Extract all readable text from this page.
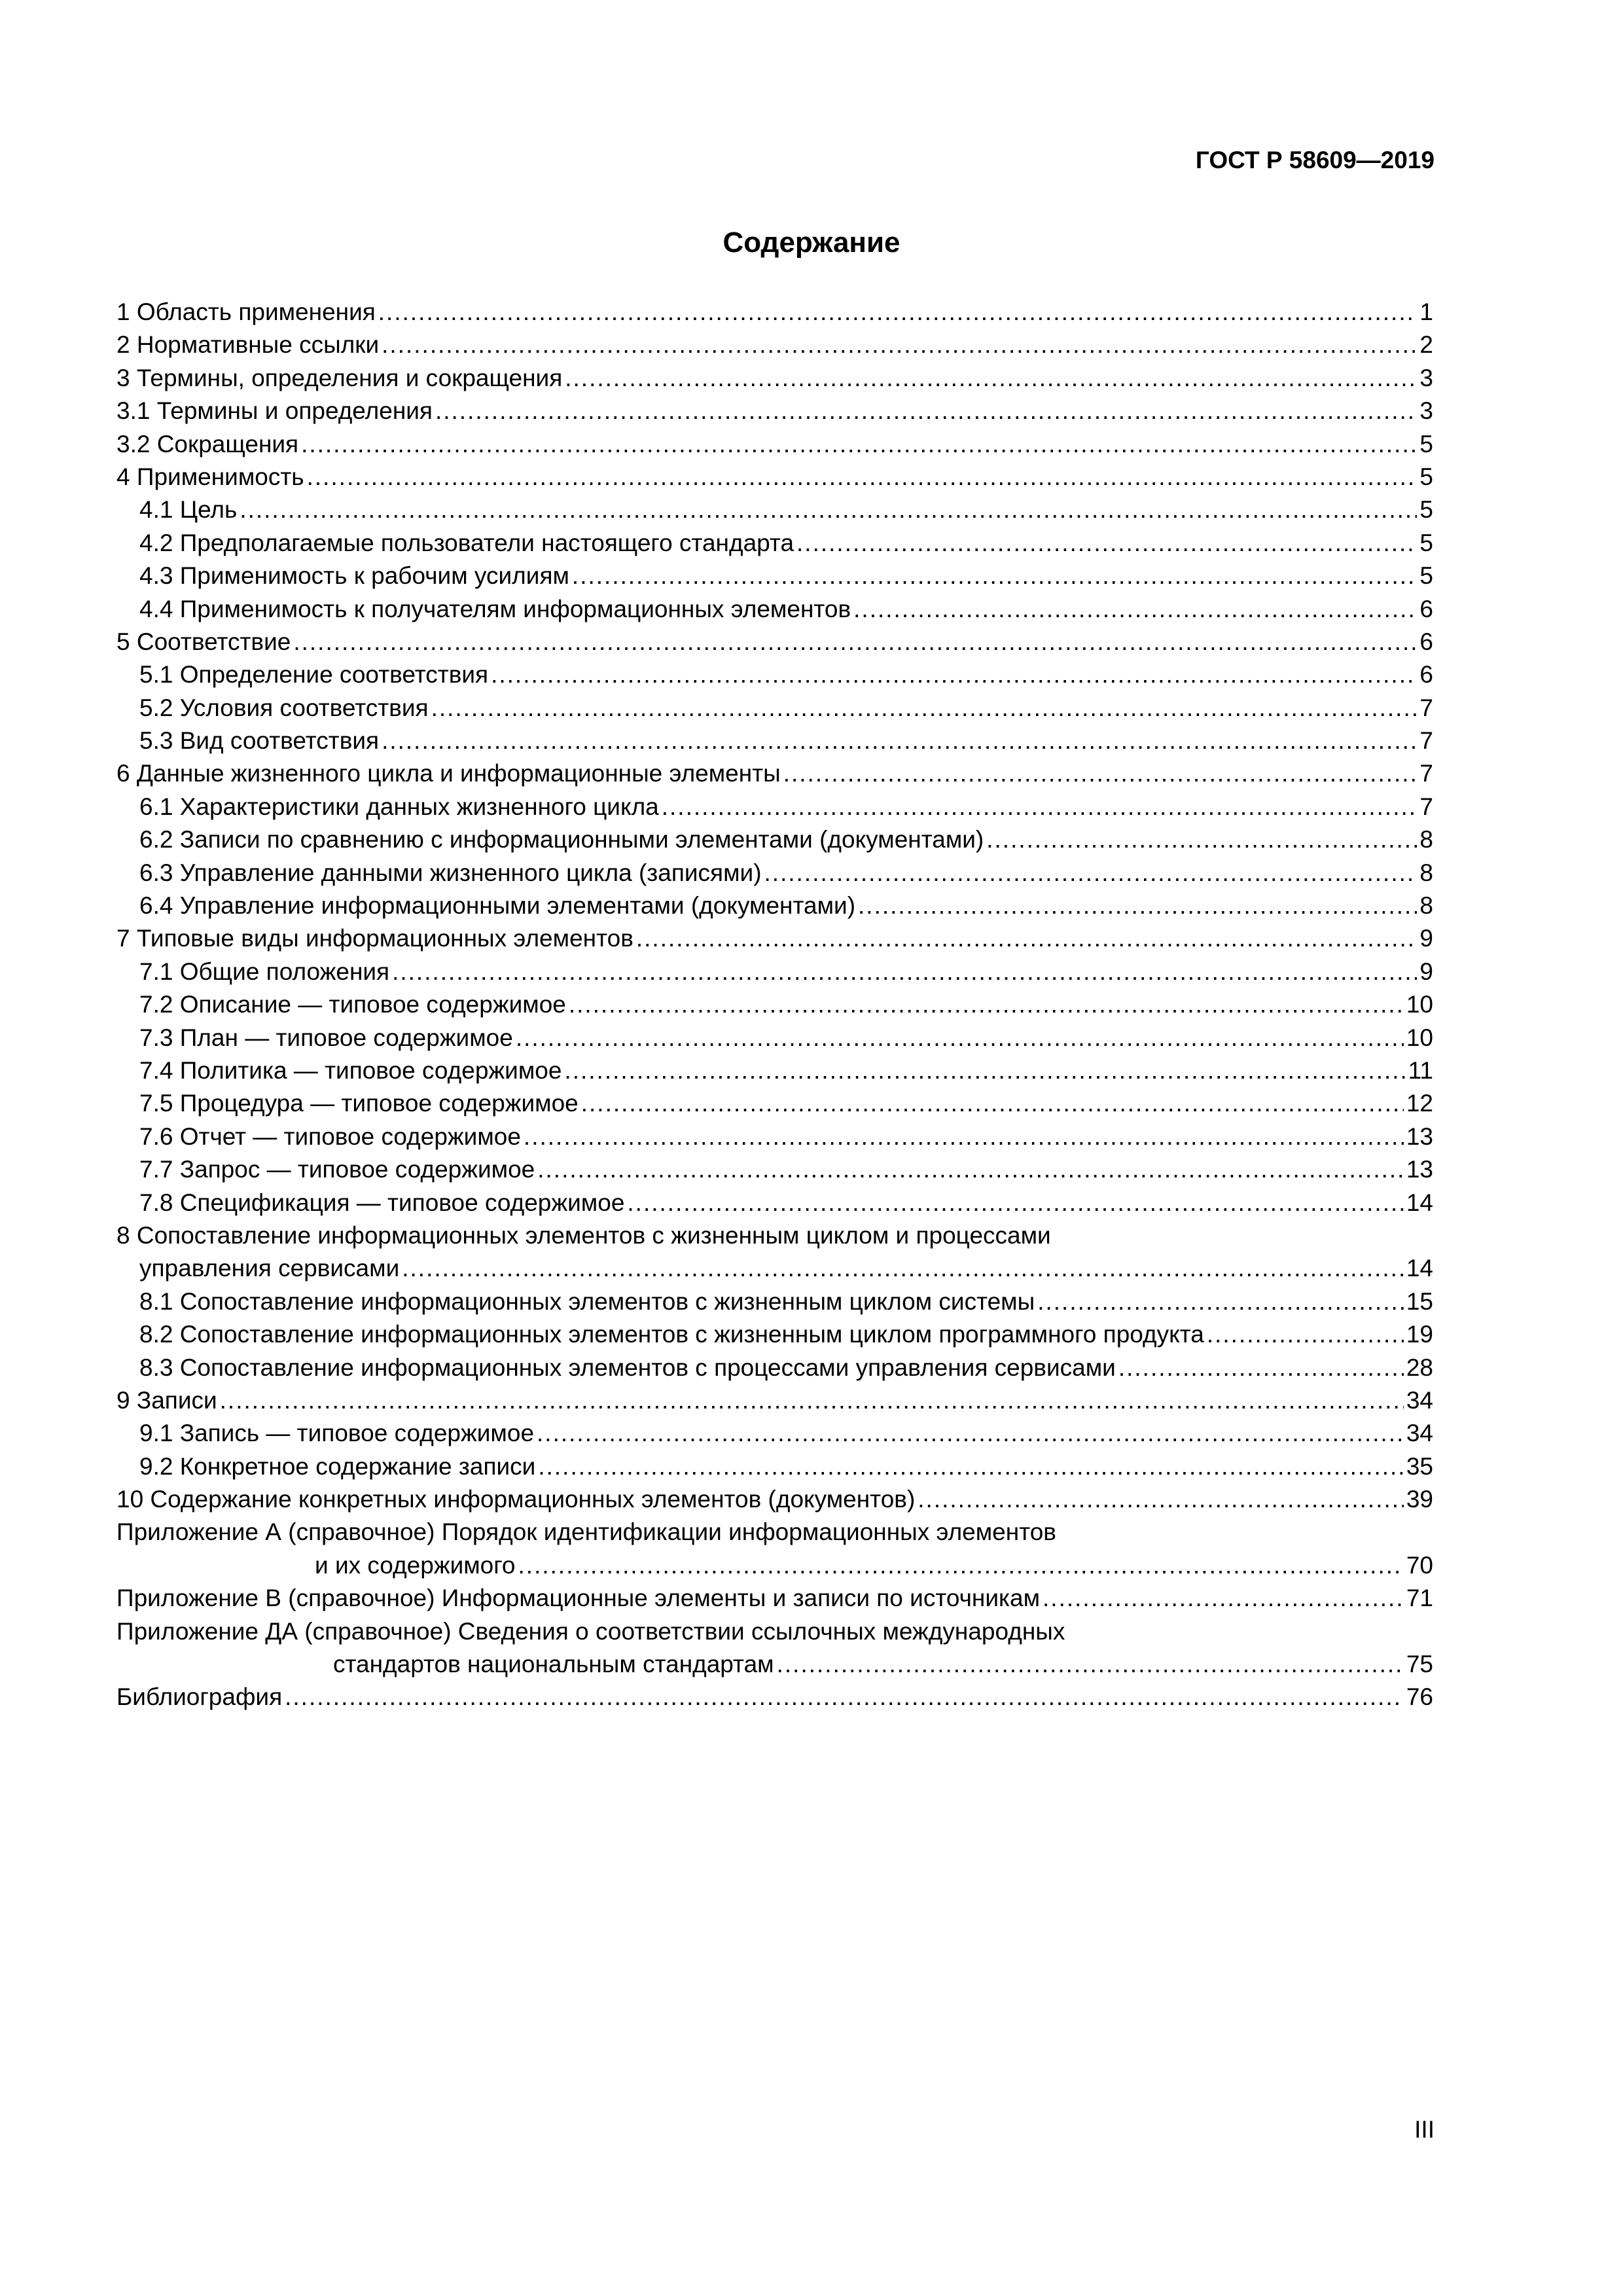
ГОСТ Р 58609—2019
Содержание
1 Область применения .....	1
2 Нормативные ссылки .....	2
3 Термины, определения и сокращения .....	3
3.1 Термины и определения .....	3
3.2 Сокращения .....	5
4 Применимость .....	5
4.1 Цель .....	5
4.2 Предполагаемые пользователи настоящего стандарта .....	5
4.3 Применимость к рабочим усилиям .....	5
4.4 Применимость к получателям информационных элементов .....	6
5 Соответствие .....	6
5.1 Определение соответствия .....	6
5.2 Условия соответствия .....	7
5.3 Вид соответствия .....	7
6 Данные жизненного цикла и информационные элементы .....	7
6.1 Характеристики данных жизненного цикла .....	7
6.2 Записи по сравнению с информационными элементами (документами) .....	8
6.3 Управление данными жизненного цикла (записями) .....	8
6.4 Управление информационными элементами (документами) .....	8
7 Типовые виды информационных элементов .....	9
7.1 Общие положения .....	9
7.2 Описание — типовое содержимое .....	10
7.3 План — типовое содержимое .....	10
7.4 Политика — типовое содержимое .....	11
7.5 Процедура — типовое содержимое .....	12
7.6 Отчет — типовое содержимое .....	13
7.7 Запрос — типовое содержимое .....	13
7.8 Спецификация — типовое содержимое .....	14
8 Сопоставление информационных элементов с жизненным циклом и процессами
управления сервисами .....	14
8.1 Сопоставление информационных элементов с жизненным циклом системы .....	15
8.2 Сопоставление информационных элементов с жизненным циклом программного продукта .....	19
8.3 Сопоставление информационных элементов с процессами управления сервисами .....	28
9 Записи .....	34
9.1 Запись — типовое содержимое .....	34
9.2 Конкретное содержание записи .....	35
10 Содержание конкретных информационных элементов (документов) .....	39
Приложение А (справочное) Порядок идентификации информационных элементов
и их содержимого .....	70
Приложение В (справочное) Информационные элементы и записи по источникам .....	71
Приложение ДА (справочное) Сведения о соответствии ссылочных международных
стандартов национальным стандартам .....	75
Библиография .....	76
III
